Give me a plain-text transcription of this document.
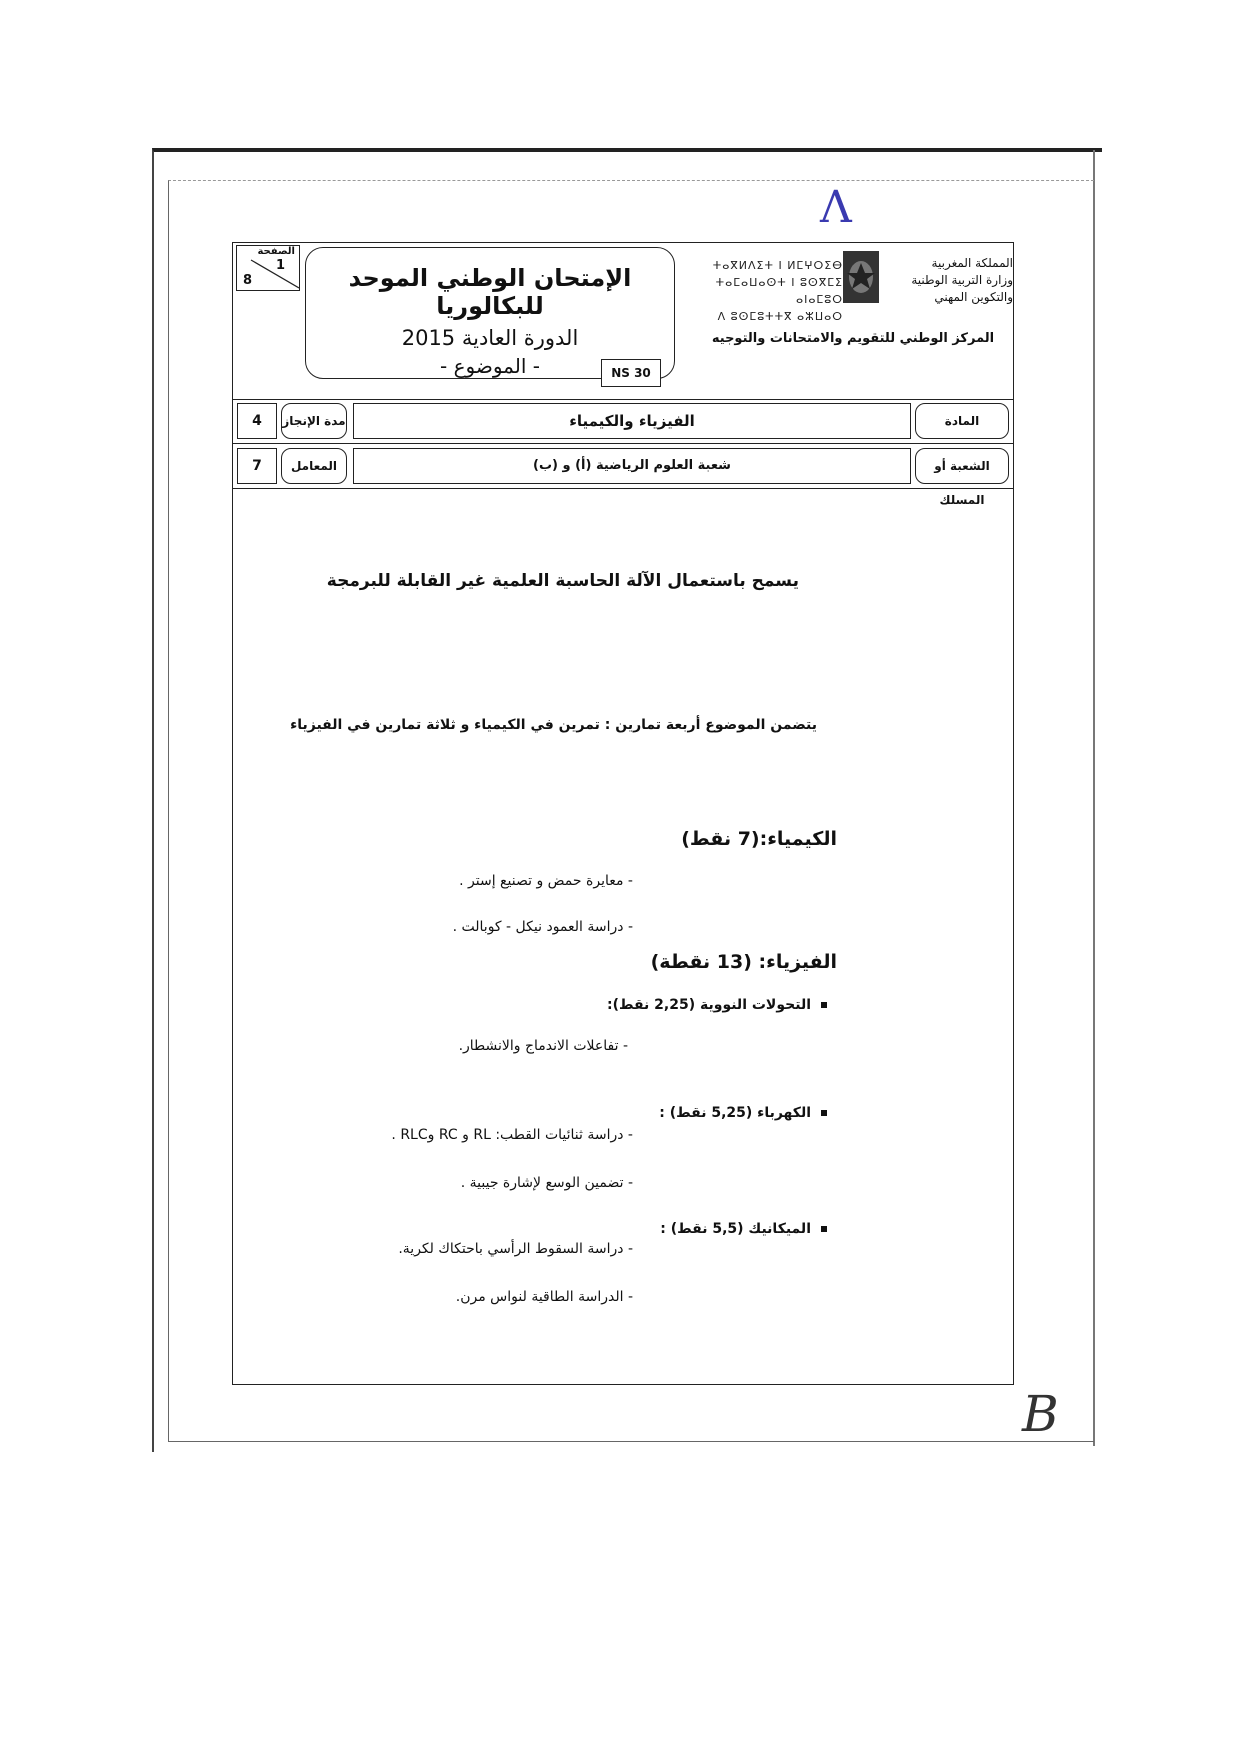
Λ
B
الصفحة
1
8	الإمتحان الوطني الموحد للبكالوريا
الدورة العادية 2015
- الموضوع -	NS 30
ⵜⴰⴳⵍⴷⵉⵜ ⵏ ⵍⵎⵖⵔⵉⴱ
ⵜⴰⵎⴰⵡⴰⵙⵜ ⵏ ⵓⵙⴳⵎⵉ ⴰⵏⴰⵎⵓⵔ
ⴷ ⵓⵙⵎⵓⵜⵜⴳ ⴰⵣⵡⴰⵔ
المملكة المغربية
وزارة التربية الوطنية
والتكوين المهني
المركز الوطني للتقويم والامتحانات والتوجيه
4	مدة الإنجاز	الفيزياء والكيمياء	المادة
7	المعامل	شعبة العلوم الرياضية (أ) و (ب)	الشعبة أو المسلك
يسمح باستعمال الآلة الحاسبة العلمية غير القابلة للبرمجة
يتضمن الموضوع أربعة تمارين : تمرين في الكيمياء و ثلاثة تمارين في الفيزياء
الكيمياء:(7 نقط)
- معايرة حمض و تصنيع إستر .
- دراسة العمود نيكل - كوبالت .
الفيزياء: (13 نقطة)
التحولات النووية (2,25 نقط):
- تفاعلات الاندماج والانشطار.
الكهرباء (5,25 نقط) :
- دراسة ثنائيات القطب: RL و RC وRLC .
- تضمين الوسع لإشارة جيبية .
الميكانيك (5,5 نقط) :
- دراسة السقوط الرأسي باحتكاك لكرية.
- الدراسة الطاقية لنواس مرن.
